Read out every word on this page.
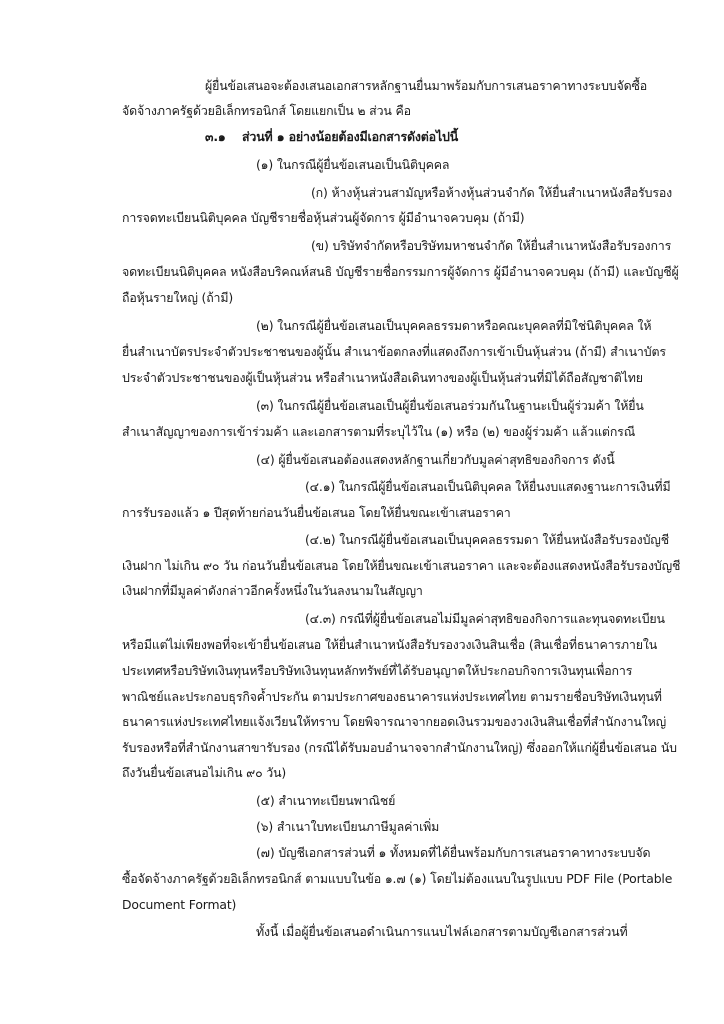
ผู้ยื่นข้อเสนอจะต้องเสนอเอกสารหลักฐานยื่นมาพร้อมกับการเสนอราคาทางระบบจัดซื้อ
จัดจ้างภาครัฐด้วยอิเล็กทรอนิกส์ โดยแยกเป็น ๒ ส่วน คือ
๓.๑ ส่วนที่ ๑ อย่างน้อยต้องมีเอกสารดังต่อไปนี้
(๑) ในกรณีผู้ยื่นข้อเสนอเป็นนิติบุคคล
(ก) ห้างหุ้นส่วนสามัญหรือห้างหุ้นส่วนจำกัด ให้ยื่นสำเนาหนังสือรับรอง
การจดทะเบียนนิติบุคคล บัญชีรายชื่อหุ้นส่วนผู้จัดการ ผู้มีอำนาจควบคุม (ถ้ามี)
(ข) บริษัทจำกัดหรือบริษัทมหาชนจำกัด ให้ยื่นสำเนาหนังสือรับรองการ
จดทะเบียนนิติบุคคล หนังสือบริคณห์สนธิ บัญชีรายชื่อกรรมการผู้จัดการ ผู้มีอำนาจควบคุม (ถ้ามี) และบัญชีผู้
ถือหุ้นรายใหญ่ (ถ้ามี)
(๒) ในกรณีผู้ยื่นข้อเสนอเป็นบุคคลธรรมดาหรือคณะบุคคลที่มิใช่นิติบุคคล ให้
ยื่นสำเนาบัตรประจำตัวประชาชนของผู้นั้น สำเนาข้อตกลงที่แสดงถึงการเข้าเป็นหุ้นส่วน (ถ้ามี) สำเนาบัตร
ประจำตัวประชาชนของผู้เป็นหุ้นส่วน หรือสำเนาหนังสือเดินทางของผู้เป็นหุ้นส่วนที่มิได้ถือสัญชาติไทย
(๓) ในกรณีผู้ยื่นข้อเสนอเป็นผู้ยื่นข้อเสนอร่วมกันในฐานะเป็นผู้ร่วมค้า ให้ยื่น
สำเนาสัญญาของการเข้าร่วมค้า และเอกสารตามที่ระบุไว้ใน (๑) หรือ (๒) ของผู้ร่วมค้า แล้วแต่กรณี
(๔) ผู้ยื่นข้อเสนอต้องแสดงหลักฐานเกี่ยวกับมูลค่าสุทธิของกิจการ ดังนี้
(๔.๑) ในกรณีผู้ยื่นข้อเสนอเป็นนิติบุคคล ให้ยื่นงบแสดงฐานะการเงินที่มี
การรับรองแล้ว ๑ ปีสุดท้ายก่อนวันยื่นข้อเสนอ โดยให้ยื่นขณะเข้าเสนอราคา
(๔.๒) ในกรณีผู้ยื่นข้อเสนอเป็นบุคคลธรรมดา ให้ยื่นหนังสือรับรองบัญชี
เงินฝาก ไม่เกิน ๙๐ วัน ก่อนวันยื่นข้อเสนอ โดยให้ยื่นขณะเข้าเสนอราคา และจะต้องแสดงหนังสือรับรองบัญชี
เงินฝากที่มีมูลค่าดังกล่าวอีกครั้งหนึ่งในวันลงนามในสัญญา
(๔.๓) กรณีที่ผู้ยื่นข้อเสนอไม่มีมูลค่าสุทธิของกิจการและทุนจดทะเบียน
หรือมีแต่ไม่เพียงพอที่จะเข้ายื่นข้อเสนอ ให้ยื่นสำเนาหนังสือรับรองวงเงินสินเชื่อ (สินเชื่อที่ธนาคารภายใน
ประเทศหรือบริษัทเงินทุนหรือบริษัทเงินทุนหลักทรัพย์ที่ได้รับอนุญาตให้ประกอบกิจการเงินทุนเพื่อการ
พาณิชย์และประกอบธุรกิจค้ำประกัน ตามประกาศของธนาคารแห่งประเทศไทย ตามรายชื่อบริษัทเงินทุนที่
ธนาคารแห่งประเทศไทยแจ้งเวียนให้ทราบ โดยพิจารณาจากยอดเงินรวมของวงเงินสินเชื่อที่สำนักงานใหญ่
รับรองหรือที่สำนักงานสาขารับรอง (กรณีได้รับมอบอำนาจจากสำนักงานใหญ่) ซึ่งออกให้แก่ผู้ยื่นข้อเสนอ นับ
ถึงวันยื่นข้อเสนอไม่เกิน ๙๐ วัน)
(๕) สำเนาทะเบียนพาณิชย์
(๖) สำเนาใบทะเบียนภาษีมูลค่าเพิ่ม
(๗) บัญชีเอกสารส่วนที่ ๑ ทั้งหมดที่ได้ยื่นพร้อมกับการเสนอราคาทางระบบจัด
ซื้อจัดจ้างภาครัฐด้วยอิเล็กทรอนิกส์ ตามแบบในข้อ ๑.๗ (๑) โดยไม่ต้องแนบในรูปแบบ PDF File (Portable
Document Format)
ทั้งนี้ เมื่อผู้ยื่นข้อเสนอดำเนินการแนบไฟล์เอกสารตามบัญชีเอกสารส่วนที่
